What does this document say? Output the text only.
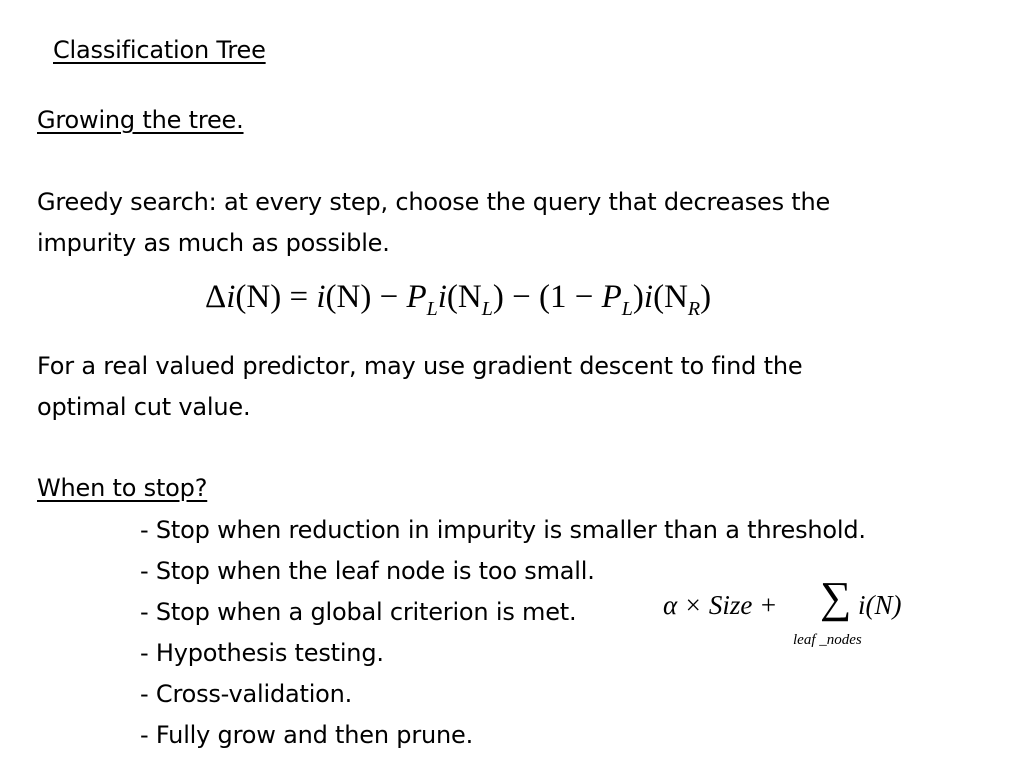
Classification Tree
Growing the tree.
Greedy search: at every step, choose the query that decreases the
impurity as much as possible.
$\Delta i(N) = i(N) - P_Li(N_L) - (1 - P_L)i(N_R)$
For a real valued predictor, may use gradient descent to find the
optimal cut value.
When to stop?
- Stop when reduction in impurity is smaller than a threshold.
- Stop when the leaf node is too small.
- Stop when a global criterion is met.
- Hypothesis testing.
- Cross-validation.
- Fully grow and then prune.
α × Size + ∑ i(N)
leaf _nodes
